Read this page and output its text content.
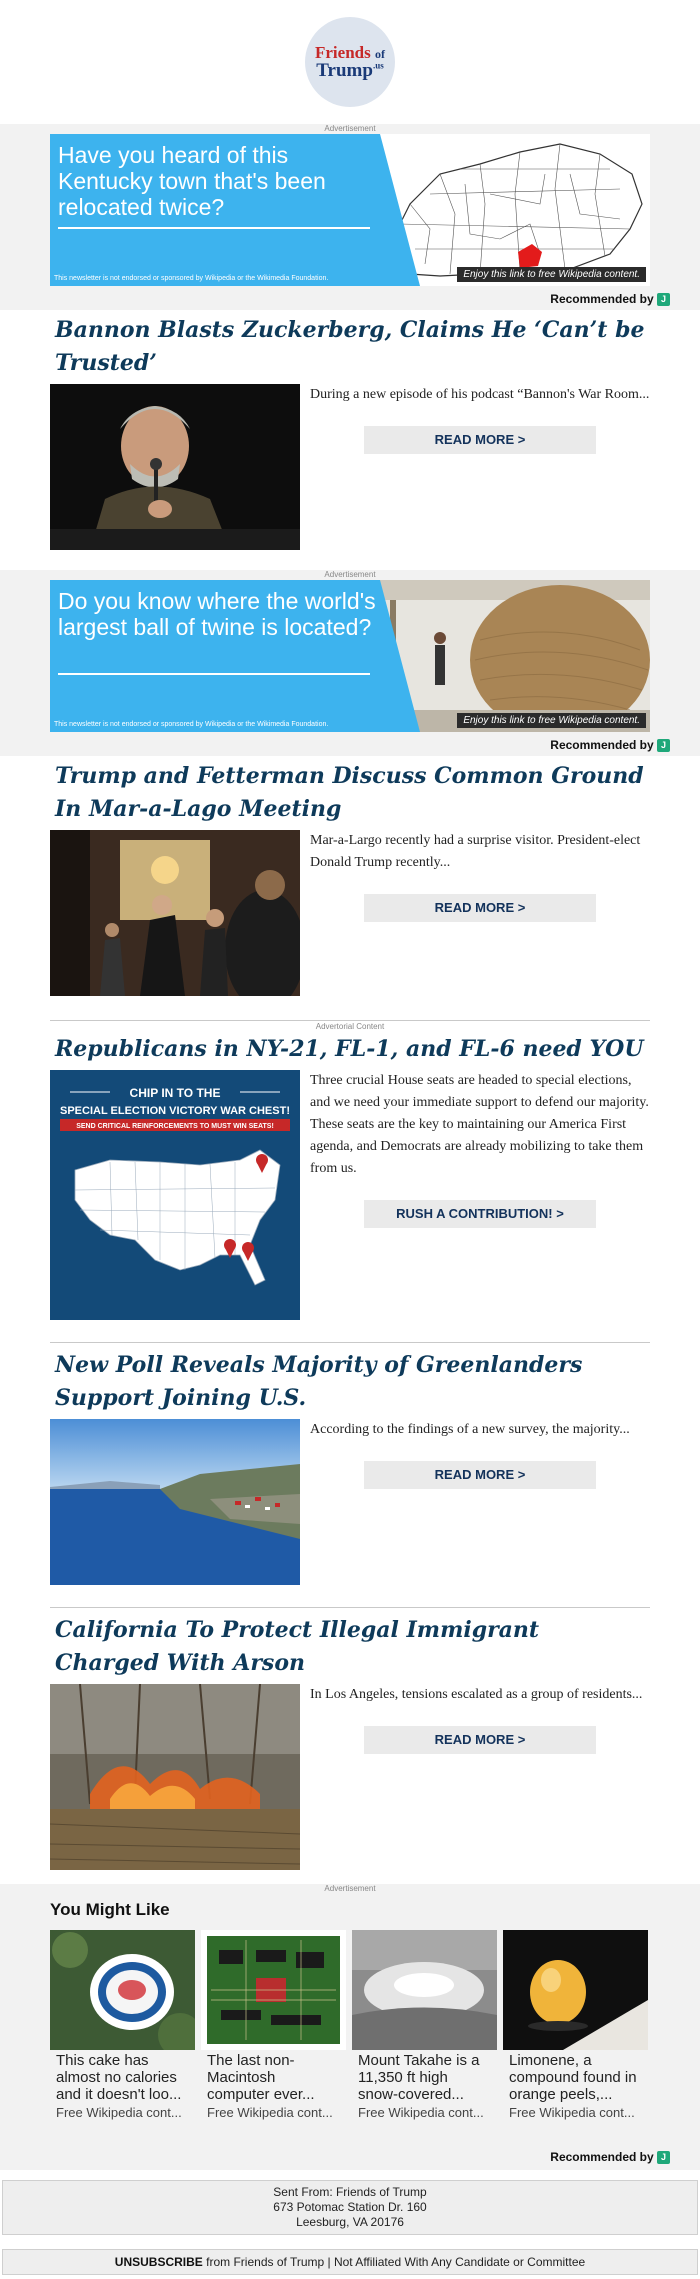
Friends of
Trump$^{.us}$
Advertisement
Have you heard of this Kentucky town that's been relocated twice?
This newsletter is not endorsed or sponsored by Wikipedia or the Wikimedia Foundation.	Enjoy this link to free Wikipedia content.
Recommended by J
Bannon Blasts Zuckerberg, Claims He ‘Can’t be Trusted’
During a new episode of his podcast “Bannon's War Room...
READ MORE >
Advertisement
Do you know where the world's largest ball of twine is located?
This newsletter is not endorsed or sponsored by Wikipedia or the Wikimedia Foundation.	Enjoy this link to free Wikipedia content.
Recommended by J
Trump and Fetterman Discuss Common Ground In Mar-a-Lago Meeting
Mar-a-Largo recently had a surprise visitor. President-elect Donald Trump recently...
READ MORE >
Advertorial Content
Republicans in NY-21, FL-1, and FL-6 need YOU
CHIP IN TO THE
SPECIAL ELECTION VICTORY WAR CHEST!
SEND CRITICAL REINFORCEMENTS TO MUST WIN SEATS!
Three crucial House seats are headed to special elections, and we need your immediate support to defend our majority. These seats are the key to maintaining our America First agenda, and Democrats are already mobilizing to take them from us.
RUSH A CONTRIBUTION! >
New Poll Reveals Majority of Greenlanders Support Joining U.S.
According to the findings of a new survey, the majority...
READ MORE >
California To Protect Illegal Immigrant Charged With Arson
In Los Angeles, tensions escalated as a group of residents...
READ MORE >
Advertisement
You Might Like
This cake has almost no calories and it doesn't loo...
Free Wikipedia cont...
The last non-Macintosh computer ever...
Free Wikipedia cont...
Mount Takahe is a 11,350 ft high snow-covered...
Free Wikipedia cont...
Limonene, a compound found in orange peels,...
Free Wikipedia cont...
Recommended by J
Sent From: Friends of Trump
673 Potomac Station Dr. 160
Leesburg, VA 20176
UNSUBSCRIBE from Friends of Trump | Not Affiliated With Any Candidate or Committee
